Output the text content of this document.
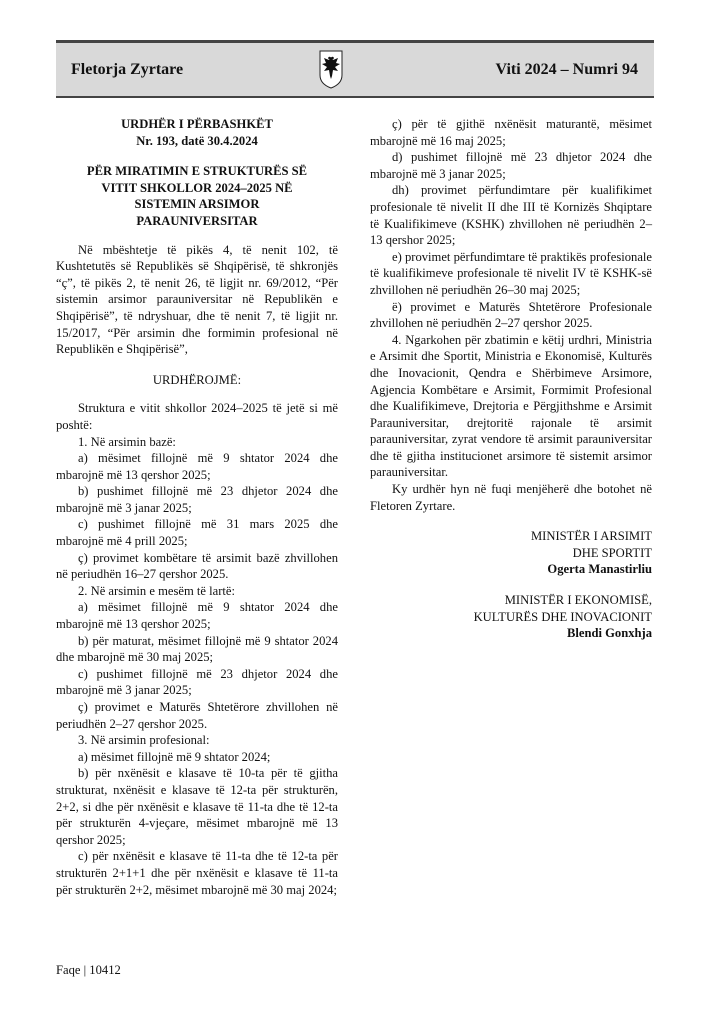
Fletorja Zyrtare	Viti 2024 – Numri 94

URDHËR I PËRBASHKËT

Nr. 193, datë 30.4.2024

PËR MIRATIMIN E STRUKTURËS SË VITIT SHKOLLOR 2024–2025 NË SISTEMIN ARSIMOR PARAUNIVERSITAR

Në mbështetje të pikës 4, të nenit 102, të Kushtetutës së Republikës së Shqipërisë, të shkronjës “ç”, të pikës 2, të nenit 26, të ligjit nr. 69/2012, “Për sistemin arsimor parauniversitar në Republikën e Shqipërisë”, të ndryshuar, dhe të nenit 7, të ligjit nr. 15/2017, “Për arsimin dhe formimin profesional në Republikën e Shqipërisë”,

URDHËROJMË:

Struktura e vitit shkollor 2024–2025 të jetë si më poshtë:

1. Në arsimin bazë:

a) mësimet fillojnë më 9 shtator 2024 dhe mbarojnë më 13 qershor 2025;

b) pushimet fillojnë më 23 dhjetor 2024 dhe mbarojnë më 3 janar 2025;

c) pushimet fillojnë më 31 mars 2025 dhe mbarojnë më 4 prill 2025;

ç) provimet kombëtare të arsimit bazë zhvillohen në periudhën 16–27 qershor 2025.

2. Në arsimin e mesëm të lartë:

a) mësimet fillojnë më 9 shtator 2024 dhe mbarojnë më 13 qershor 2025;

b) për maturat, mësimet fillojnë më 9 shtator 2024 dhe mbarojnë më 30 maj 2025;

c) pushimet fillojnë më 23 dhjetor 2024 dhe mbarojnë më 3 janar 2025;

ç) provimet e Maturës Shtetërore zhvillohen në periudhën 2–27 qershor 2025.

3. Në arsimin profesional:

a) mësimet fillojnë më 9 shtator 2024;

b) për nxënësit e klasave të 10-ta për të gjitha strukturat, nxënësit e klasave të 12-ta për strukturën, 2+2, si dhe për nxënësit e klasave të 11-ta dhe të 12-ta për strukturën 4-vjeçare, mësimet mbarojnë më 13 qershor 2025;

c) për nxënësit e klasave të 11-ta dhe të 12-ta për strukturën 2+1+1 dhe për nxënësit e klasave të 11-ta për strukturën 2+2, mësimet mbarojnë më 30 maj 2024;

ç) për të gjithë nxënësit maturantë, mësimet mbarojnë më 16 maj 2025;

d) pushimet fillojnë më 23 dhjetor 2024 dhe mbarojnë më 3 janar 2025;

dh) provimet përfundimtare për kualifikimet profesionale të nivelit II dhe III të Kornizës Shqiptare të Kualifikimeve (KSHK) zhvillohen në periudhën 2–13 qershor 2025;

e) provimet përfundimtare të praktikës profesionale të kualifikimeve profesionale të nivelit IV të KSHK-së zhvillohen në periudhën 26–30 maj 2025;

ë) provimet e Maturës Shtetërore Profesionale zhvillohen në periudhën 2–27 qershor 2025.

4. Ngarkohen për zbatimin e këtij urdhri, Ministria e Arsimit dhe Sportit, Ministria e Ekonomisë, Kulturës dhe Inovacionit, Qendra e Shërbimeve Arsimore, Agjencia Kombëtare e Arsimit, Formimit Profesional dhe Kualifikimeve, Drejtoria e Përgjithshme e Arsimit Parauniversitar, drejtoritë rajonale të arsimit parauniversitar, zyrat vendore të arsimit parauniversitar dhe të gjitha institucionet arsimore të sistemit arsimor parauniversitar.

Ky urdhër hyn në fuqi menjëherë dhe botohet në Fletoren Zyrtare.

MINISTËR I ARSIMIT

DHE SPORTIT

Ogerta Manastirliu

MINISTËR I EKONOMISË,

KULTURËS DHE INOVACIONIT

Blendi Gonxhja

Faqe | 10412
